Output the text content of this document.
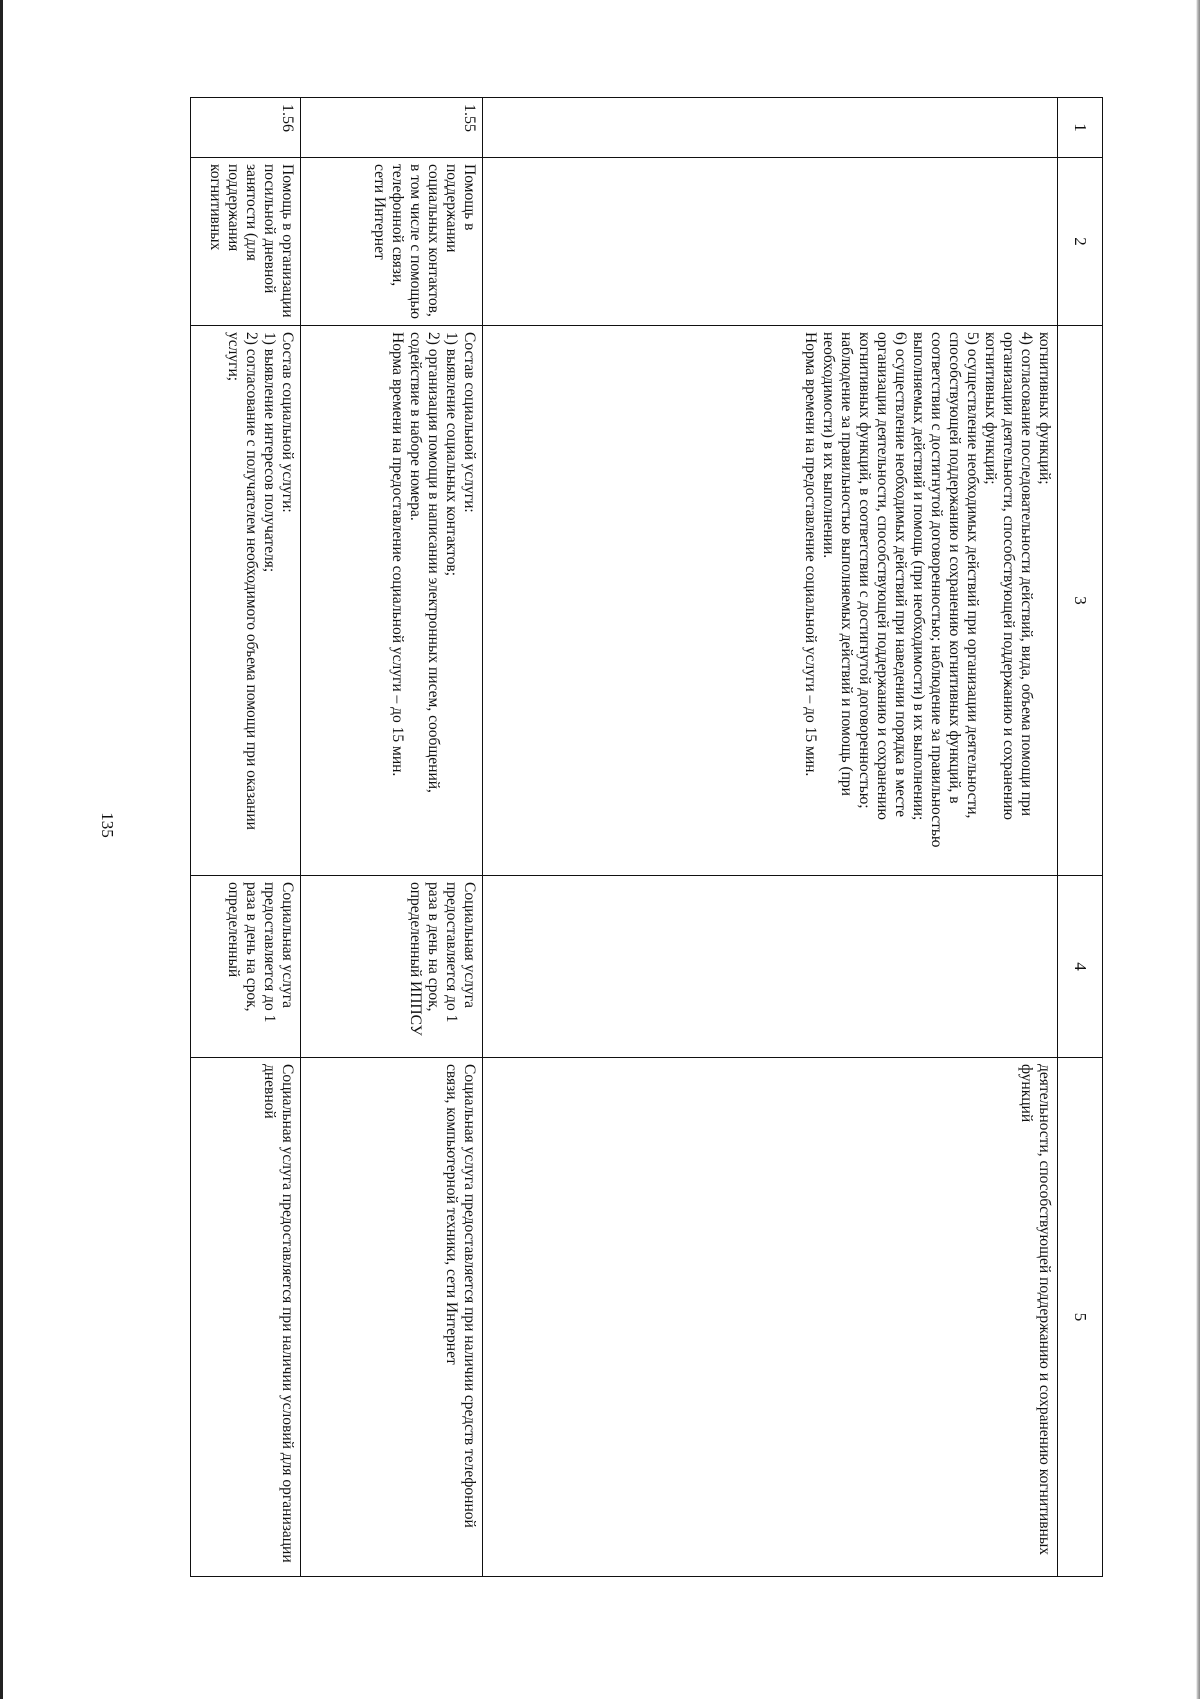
135
1	2	3	4	5

		когнитивных функций;
4) согласование последовательности действий, вида, объема помощи при организации деятельности, способствующей поддержанию и сохранению когнитивных функций;
5) осуществление необходимых действий при организации деятельности, способствующей поддержанию и сохранению когнитивных функций, в соответствии с достигнутой договоренностью; наблюдение за правильностью выполняемых действий и помощь (при необходимости) в их выполнении;
6) осуществление необходимых действий при наведении порядка в месте организации деятельности, способствующей поддержанию и сохранению когнитивных функций, в соответствии с достигнутой договоренностью; наблюдение за правильностью выполняемых действий и помощь (при необходимости) в их выполнении.
Норма времени на предоставление социальной услуги – до 15 мин.		деятельности, способствующей поддержанию и сохранению когнитивных функций

1.55	Помощь в поддержании социальных контактов, в том числе с помощью телефонной связи, сети Интернет	Состав социальной услуги:
1) выявление социальных контактов;
2) организация помощи в написании электронных писем, сообщений, содействие в наборе номера.
Норма времени на предоставление социальной услуги – до 15 мин.	Социальная услуга предоставляется до 1 раза в день на срок, определенный ИППСУ	Социальная услуга предоставляется при наличии средств телефонной связи, компьютерной техники, сети Интернет

1.56	Помощь в организации посильной дневной занятости (для поддержания когнитивных	Состав социальной услуги:
1) выявление интересов получателя;
2) согласование с получателем необходимого объема помощи при оказании услуги;	Социальная услуга предоставляется до 1 раза в день на срок, определенный	Социальная услуга предоставляется при наличии условий для организации дневной
